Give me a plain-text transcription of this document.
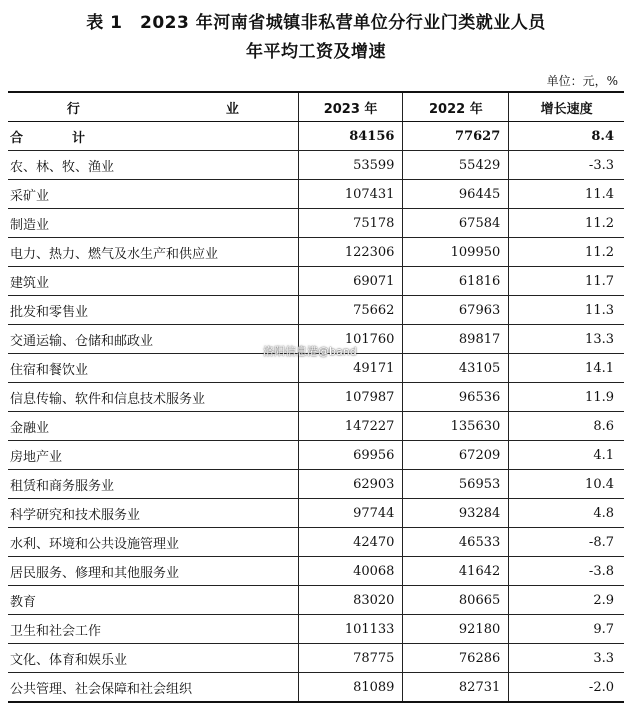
表 1　2023 年河南省城镇非私营单位分行业门类就业人员
年平均工资及增速
单位：元，%
行　　业	2023 年	2022 年	增长速度
合　计	84156	77627	8.4
农、林、牧、渔业	53599	55429	-3.3
采矿业	107431	96445	11.4
制造业	75178	67584	11.2
电力、热力、燃气及水生产和供应业	122306	109950	11.2
建筑业	69071	61816	11.7
批发和零售业	75662	67963	11.3
交通运输、仓储和邮政业	101760	89817	13.3
住宿和餐饮业	49171	43105	14.1
信息传输、软件和信息技术服务业	107987	96536	11.9
金融业	147227	135630	8.6
房地产业	69956	67209	4.1
租赁和商务服务业	62903	56953	10.4
科学研究和技术服务业	97744	93284	4.8
水利、环境和公共设施管理业	42470	46533	-8.7
居民服务、修理和其他服务业	40068	41642	-3.8
教育	83020	80665	2.9
卫生和社会工作	101133	92180	9.7
文化、体育和娱乐业	78775	76286	3.3
公共管理、社会保障和社会组织	81089	82731	-2.0
洛阳信息港@band
